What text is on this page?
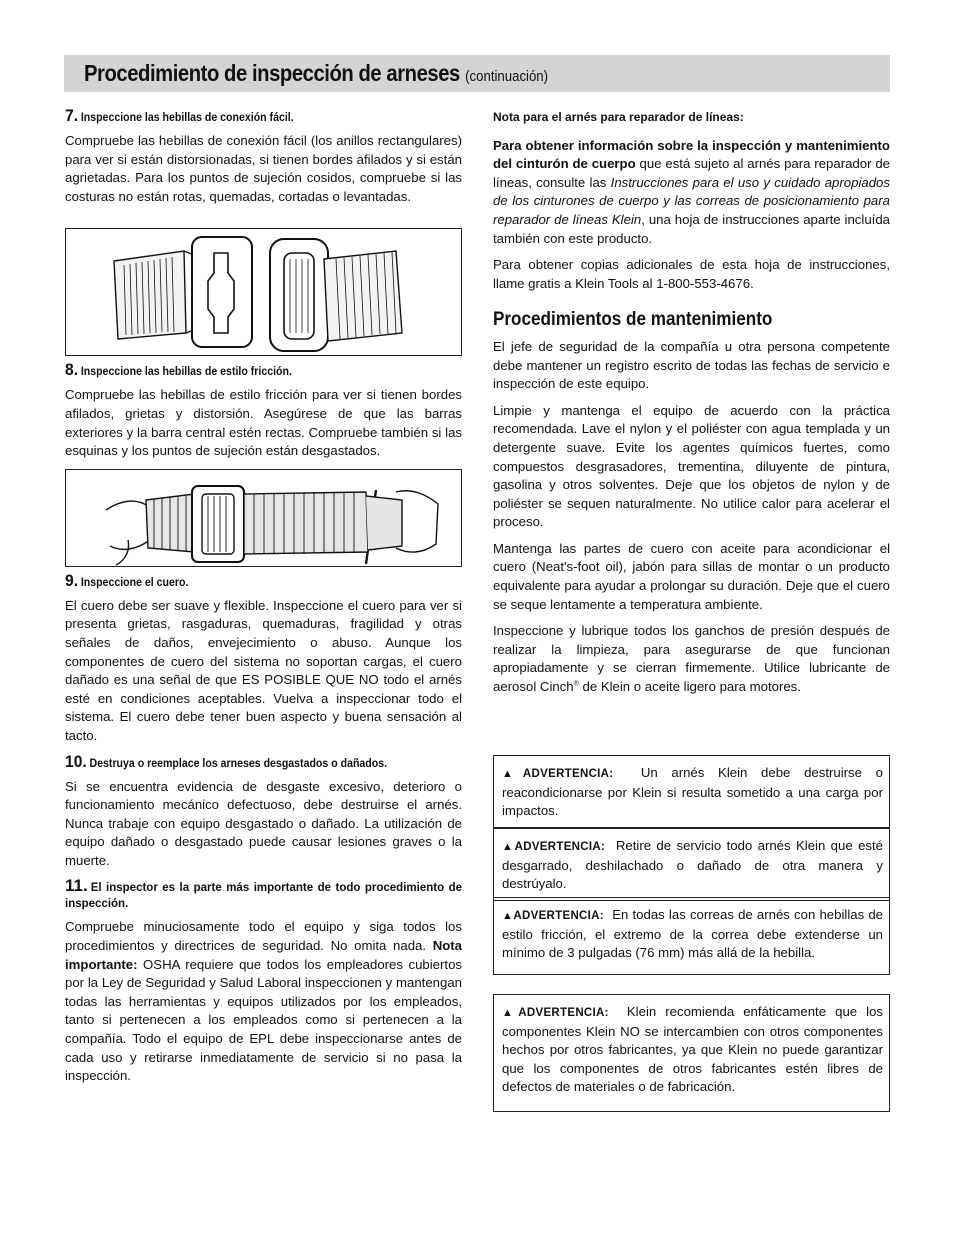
Procedimiento de inspección de arneses (continuación)
7. Inspeccione las hebillas de conexión fácil.

Compruebe las hebillas de conexión fácil (los anillos rectangulares) para ver si están distorsionadas, si tienen bordes afilados y si están agrietadas. Para los puntos de sujeción cosidos, compruebe si las costuras no están rotas, quemadas, cortadas o levantadas.

8. Inspeccione las hebillas de estilo fricción.

Compruebe las hebillas de estilo fricción para ver si tienen bordes afilados, grietas y distorsión. Asegúrese de que las barras exteriores y la barra central estén rectas. Compruebe también si las esquinas y los puntos de sujeción están desgastados.

9. Inspeccione el cuero.

El cuero debe ser suave y flexible. Inspeccione el cuero para ver si presenta grietas, rasgaduras, quemaduras, fragilidad y otras señales de daños, envejecimiento o abuso. Aunque los componentes de cuero del sistema no soportan cargas, el cuero dañado es una señal de que ES POSIBLE QUE NO todo el arnés esté en condiciones aceptables. Vuelva a inspeccionar todo el sistema. El cuero debe tener buen aspecto y buena sensación al tacto.

10. Destruya o reemplace los arneses desgastados o dañados.

Si se encuentra evidencia de desgaste excesivo, deterioro o funcionamiento mecánico defectuoso, debe destruirse el arnés. Nunca trabaje con equipo desgastado o dañado. La utilización de equipo dañado o desgastado puede causar lesiones graves o la muerte.

11. El inspector es la parte más importante de todo procedimiento de inspección.

Compruebe minuciosamente todo el equipo y siga todos los procedimientos y directrices de seguridad. No omita nada. Nota importante: OSHA requiere que todos los empleadores cubiertos por la Ley de Seguridad y Salud Laboral inspeccionen y mantengan todas las herramientas y equipos utilizados por los empleados, tanto si pertenecen a los empleados como si pertenecen a la compañía. Todo el equipo de EPL debe inspeccionarse antes de cada uso y retirarse inmediatamente de servicio si no pasa la inspección.

Nota para el arnés para reparador de líneas:

Para obtener información sobre la inspección y mantenimiento del cinturón de cuerpo que está sujeto al arnés para reparador de líneas, consulte las Instrucciones para el uso y cuidado apropiados de los cinturones de cuerpo y las correas de posicionamiento para reparador de líneas Klein, una hoja de instrucciones aparte incluída también con este producto.

Para obtener copias adicionales de esta hoja de instrucciones, llame gratis a Klein Tools al 1-800-553-4676.

Procedimientos de mantenimiento

El jefe de seguridad de la compañía u otra persona competente debe mantener un registro escrito de todas las fechas de servicio e inspección de este equipo.

Limpie y mantenga el equipo de acuerdo con la práctica recomendada. Lave el nylon y el poliéster con agua templada y un detergente suave. Evite los agentes químicos fuertes, como compuestos desgrasadores, trementina, diluyente de pintura, gasolina y otros solventes. Deje que los objetos de nylon y de poliéster se sequen naturalmente. No utilice calor para acelerar el proceso.

Mantenga las partes de cuero con aceite para acondicionar el cuero (Neat's-foot oil), jabón para sillas de montar o un producto equivalente para ayudar a prolongar su duración. Deje que el cuero se seque lentamente a temperatura ambiente.

Inspeccione y lubrique todos los ganchos de presión después de realizar la limpieza, para asegurarse de que funcionan apropiadamente y se cierran firmemente. Utilice lubricante de aerosol Cinch® de Klein o aceite ligero para motores.

▲ADVERTENCIA: Un arnés Klein debe destruirse o reacondicionarse por Klein si resulta sometido a una carga por impactos.
▲ADVERTENCIA: Retire de servicio todo arnés Klein que esté desgarrado, deshilachado o dañado de otra manera y destrúyalo.
▲ADVERTENCIA: En todas las correas de arnés con hebillas de estilo fricción, el extremo de la correa debe extenderse un mínimo de 3 pulgadas (76 mm) más allá de la hebilla.
▲ADVERTENCIA: Klein recomienda enfáticamente que los componentes Klein NO se intercambien con otros componentes hechos por otros fabricantes, ya que Klein no puede garantizar que los componentes de otros fabricantes estén libres de defectos de materiales o de fabricación.
